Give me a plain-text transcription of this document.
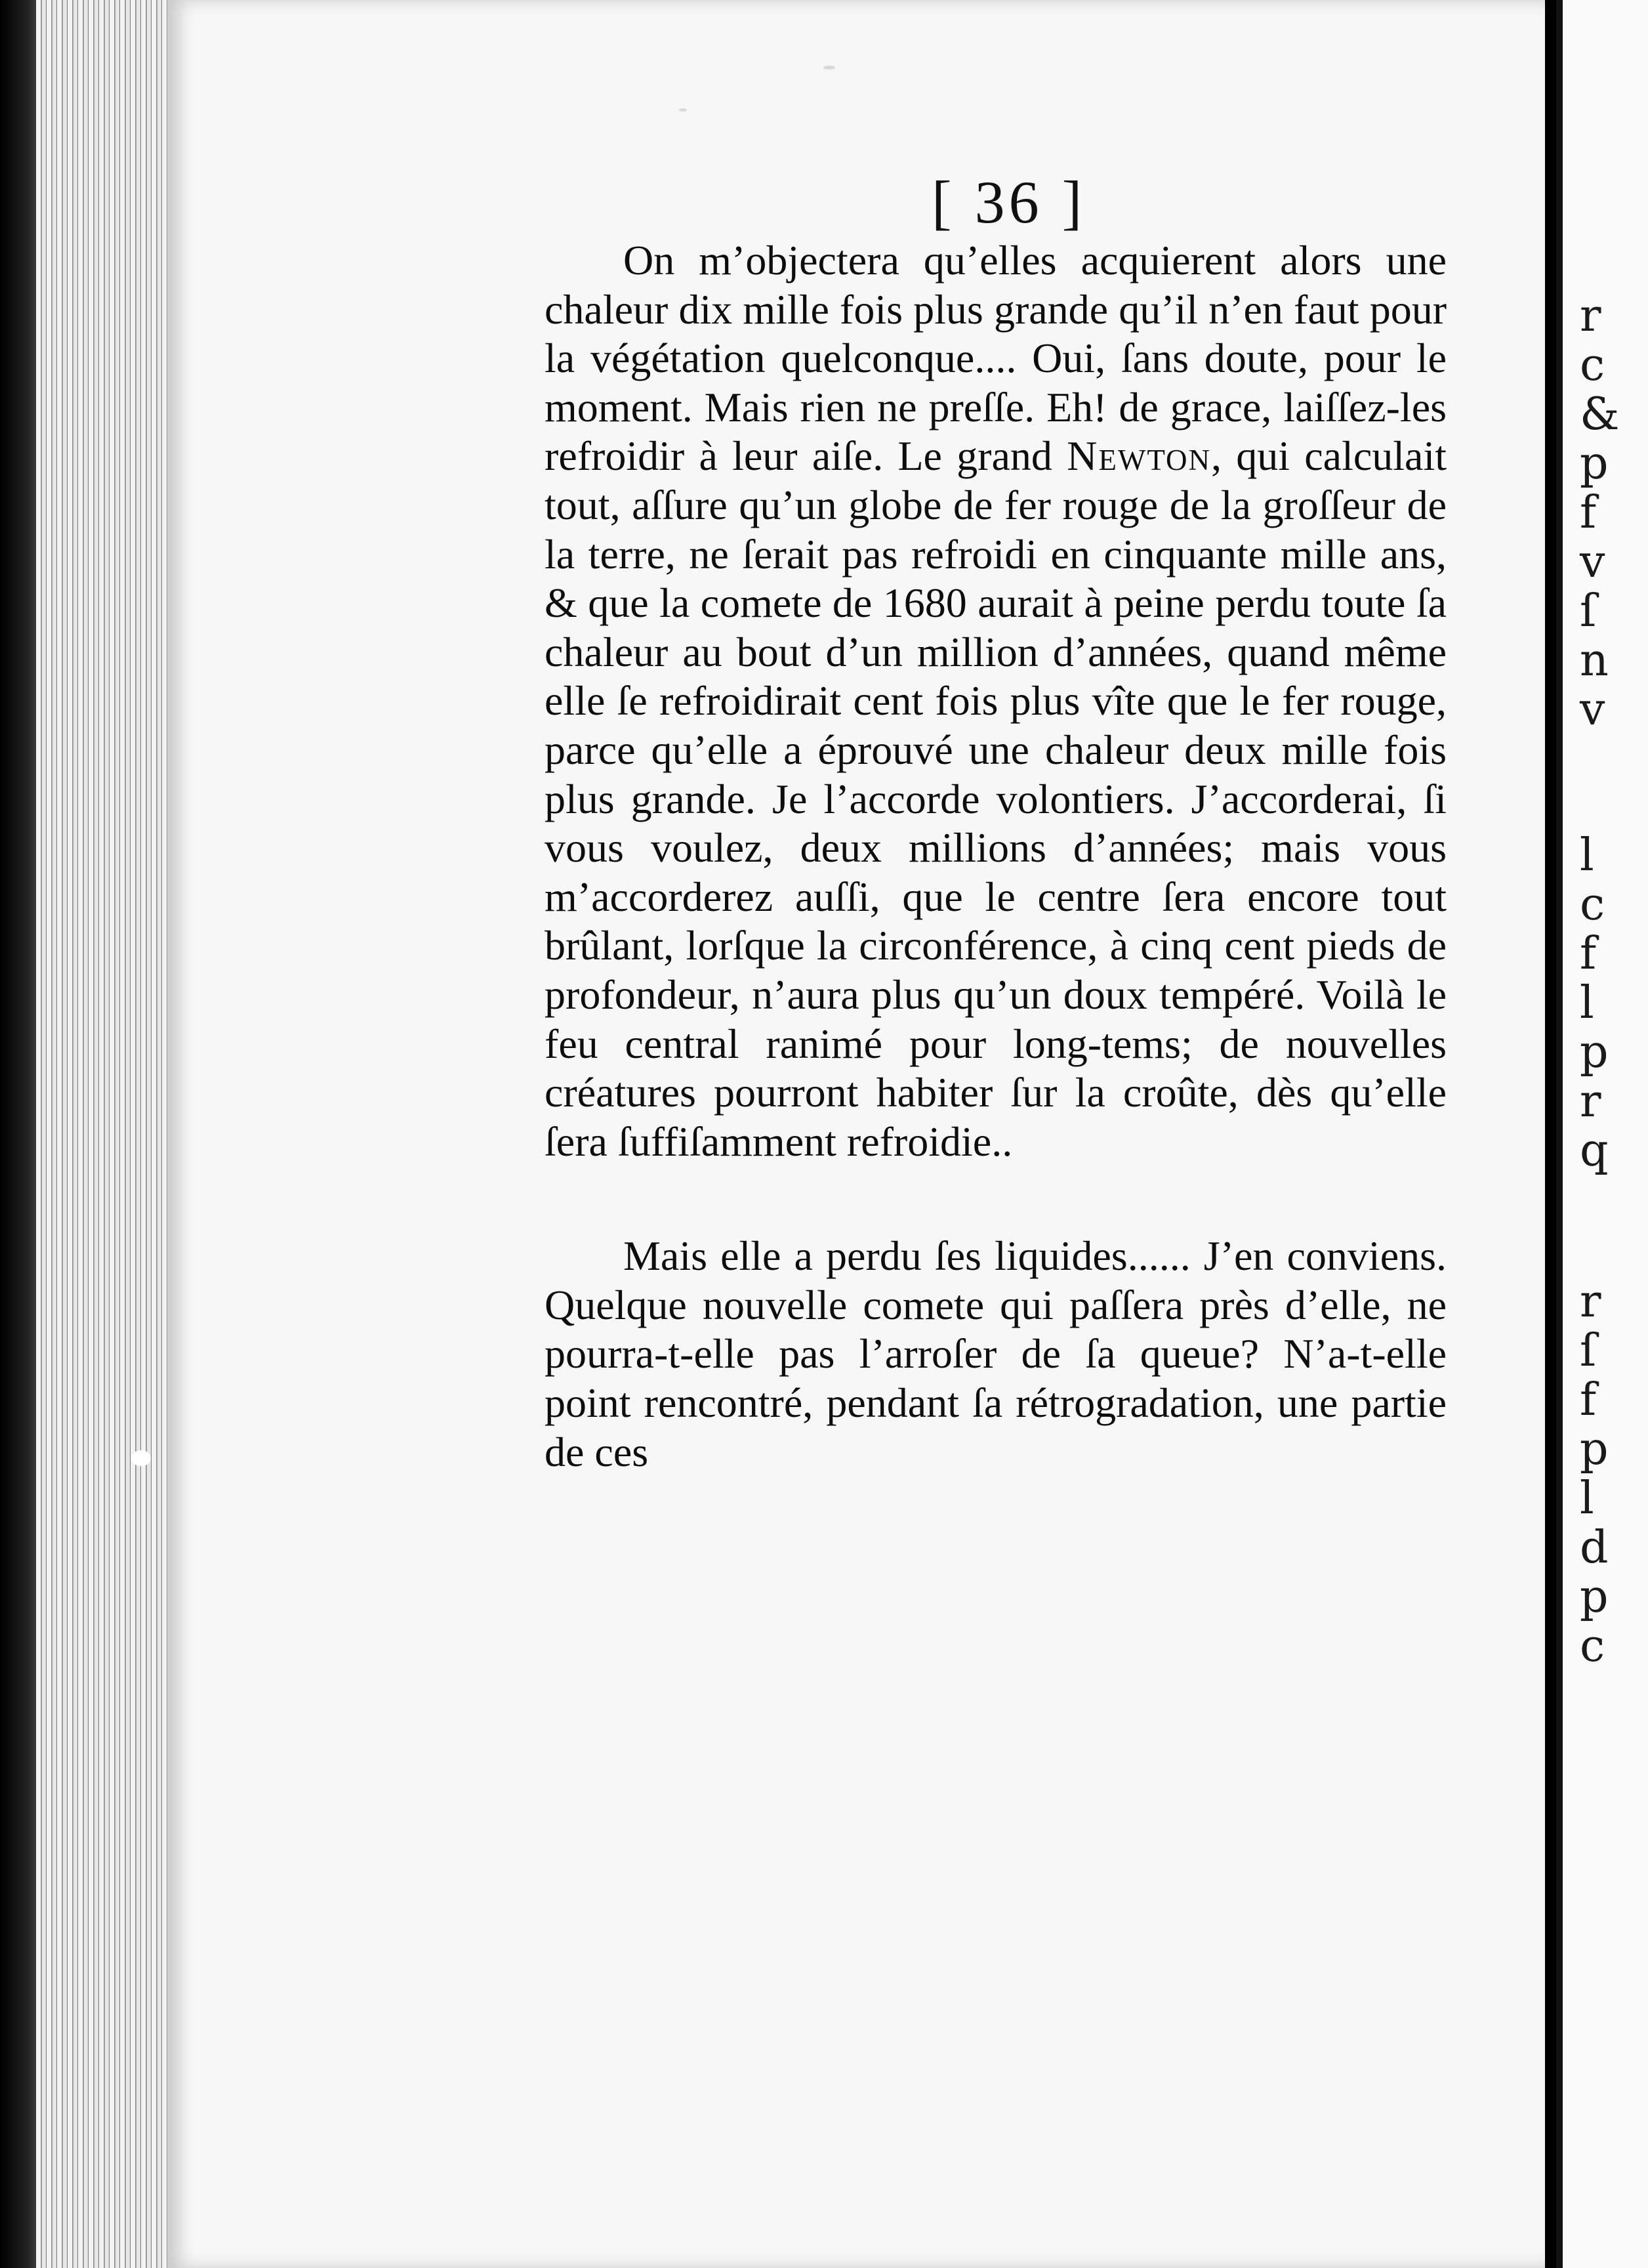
[ 36 ]

On m’objectera qu’elles acquierent alors une chaleur dix mille fois plus grande qu’il n’en faut pour la végétation quelconque.... Oui, ſans doute, pour le moment. Mais rien ne preſſe. Eh! de grace, laiſſez-les refroidir à leur aiſe. Le grand Newton, qui calculait tout, aſſure qu’un globe de fer rouge de la groſſeur de la terre, ne ſerait pas refroidi en cinquante mille ans, & que la comete de 1680 aurait à peine perdu toute ſa chaleur au bout d’un million d’années, quand même elle ſe refroidirait cent fois plus vîte que le fer rouge, parce qu’elle a éprouvé une chaleur deux mille fois plus grande. Je l’accorde volontiers. J’accorderai, ſi vous voulez, deux millions d’années; mais vous m’accorderez auſſi, que le centre ſera encore tout brûlant, lorſque la circonférence, à cinq cent pieds de profondeur, n’aura plus qu’un doux tempéré. Voilà le feu central ranimé pour long-tems; de nouvelles créatures pourront habiter ſur la croûte, dès qu’elle ſera ſuffiſamment refroidie..

Mais elle a perdu ſes liquides...... J’en conviens. Quelque nouvelle comete qui paſſera près d’elle, ne pourra-t-elle pas l’arroſer de ſa queue? N’a-t-elle point rencontré, pendant ſa rétrogradation, une partie de ces

r
c
&
p
f
v
ſ
n
v
l
c
f
l
p
r
q
r
ſ
f
p
l
d
p
c
